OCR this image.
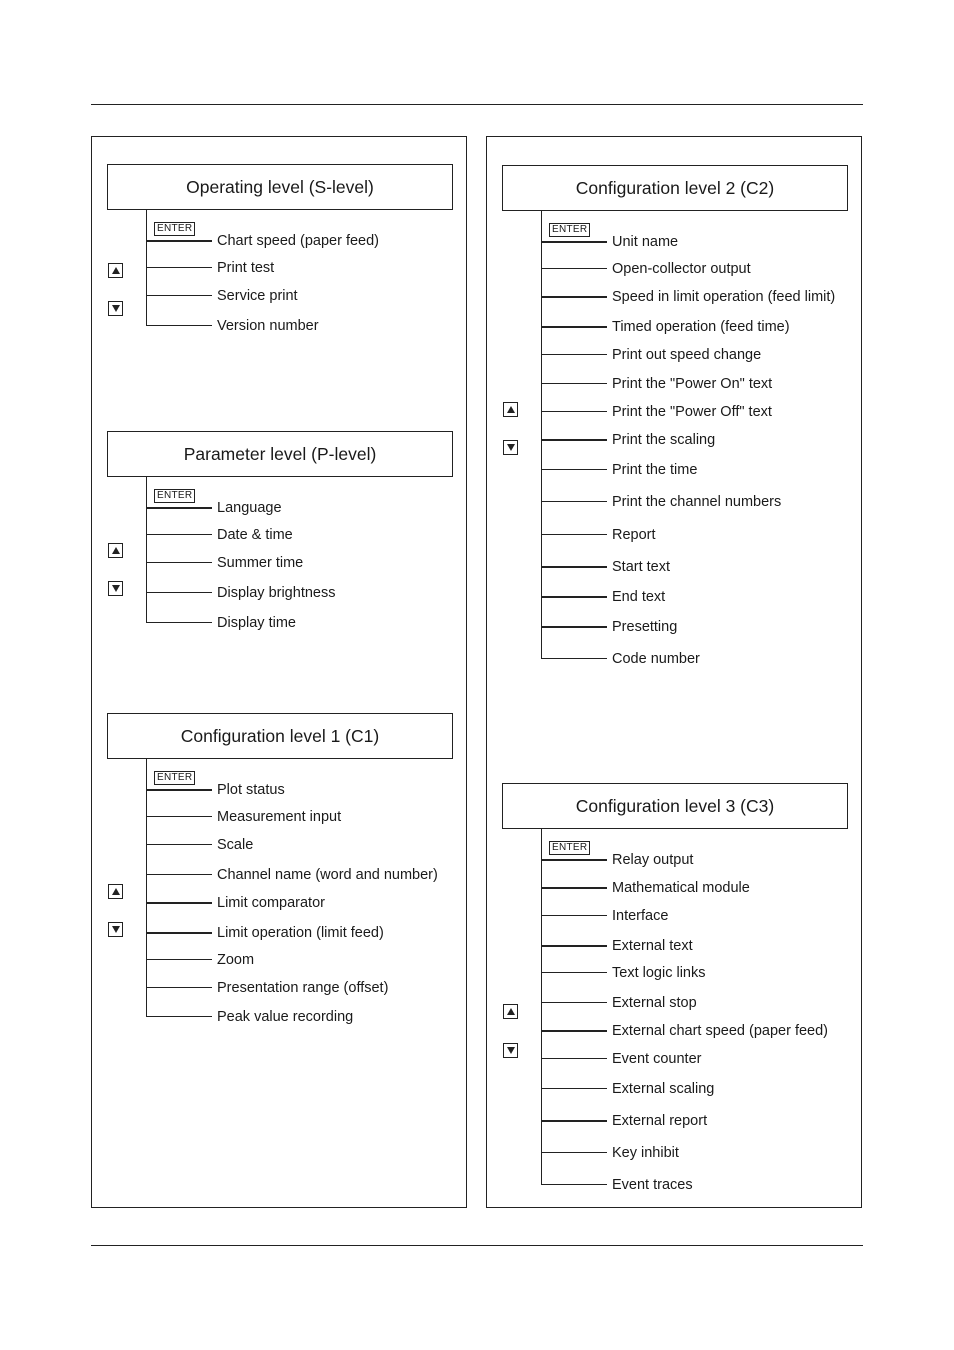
Operating level (S-level)
ENTER
Chart speed (paper feed)
Print test
Service print
Version number
Parameter level (P-level)
ENTER
Language
Date & time
Summer time
Display brightness
Display time
Configuration level 1 (C1)
ENTER
Plot status
Measurement input
Scale
Channel name (word and number)
Limit comparator
Limit operation (limit feed)
Zoom
Presentation range (offset)
Peak value recording
Configuration level 2 (C2)
ENTER
Unit name
Open-collector output
Speed in limit operation (feed limit)
Timed operation (feed time)
Print out speed change
Print the "Power On" text
Print the "Power Off" text
Print the scaling
Print the time
Print the channel numbers
Report
Start text
End text
Presetting
Code number
Configuration level 3 (C3)
ENTER
Relay output
Mathematical module
Interface
External text
Text logic links
External stop
External chart speed (paper feed)
Event counter
External scaling
External report
Key inhibit
Event traces
